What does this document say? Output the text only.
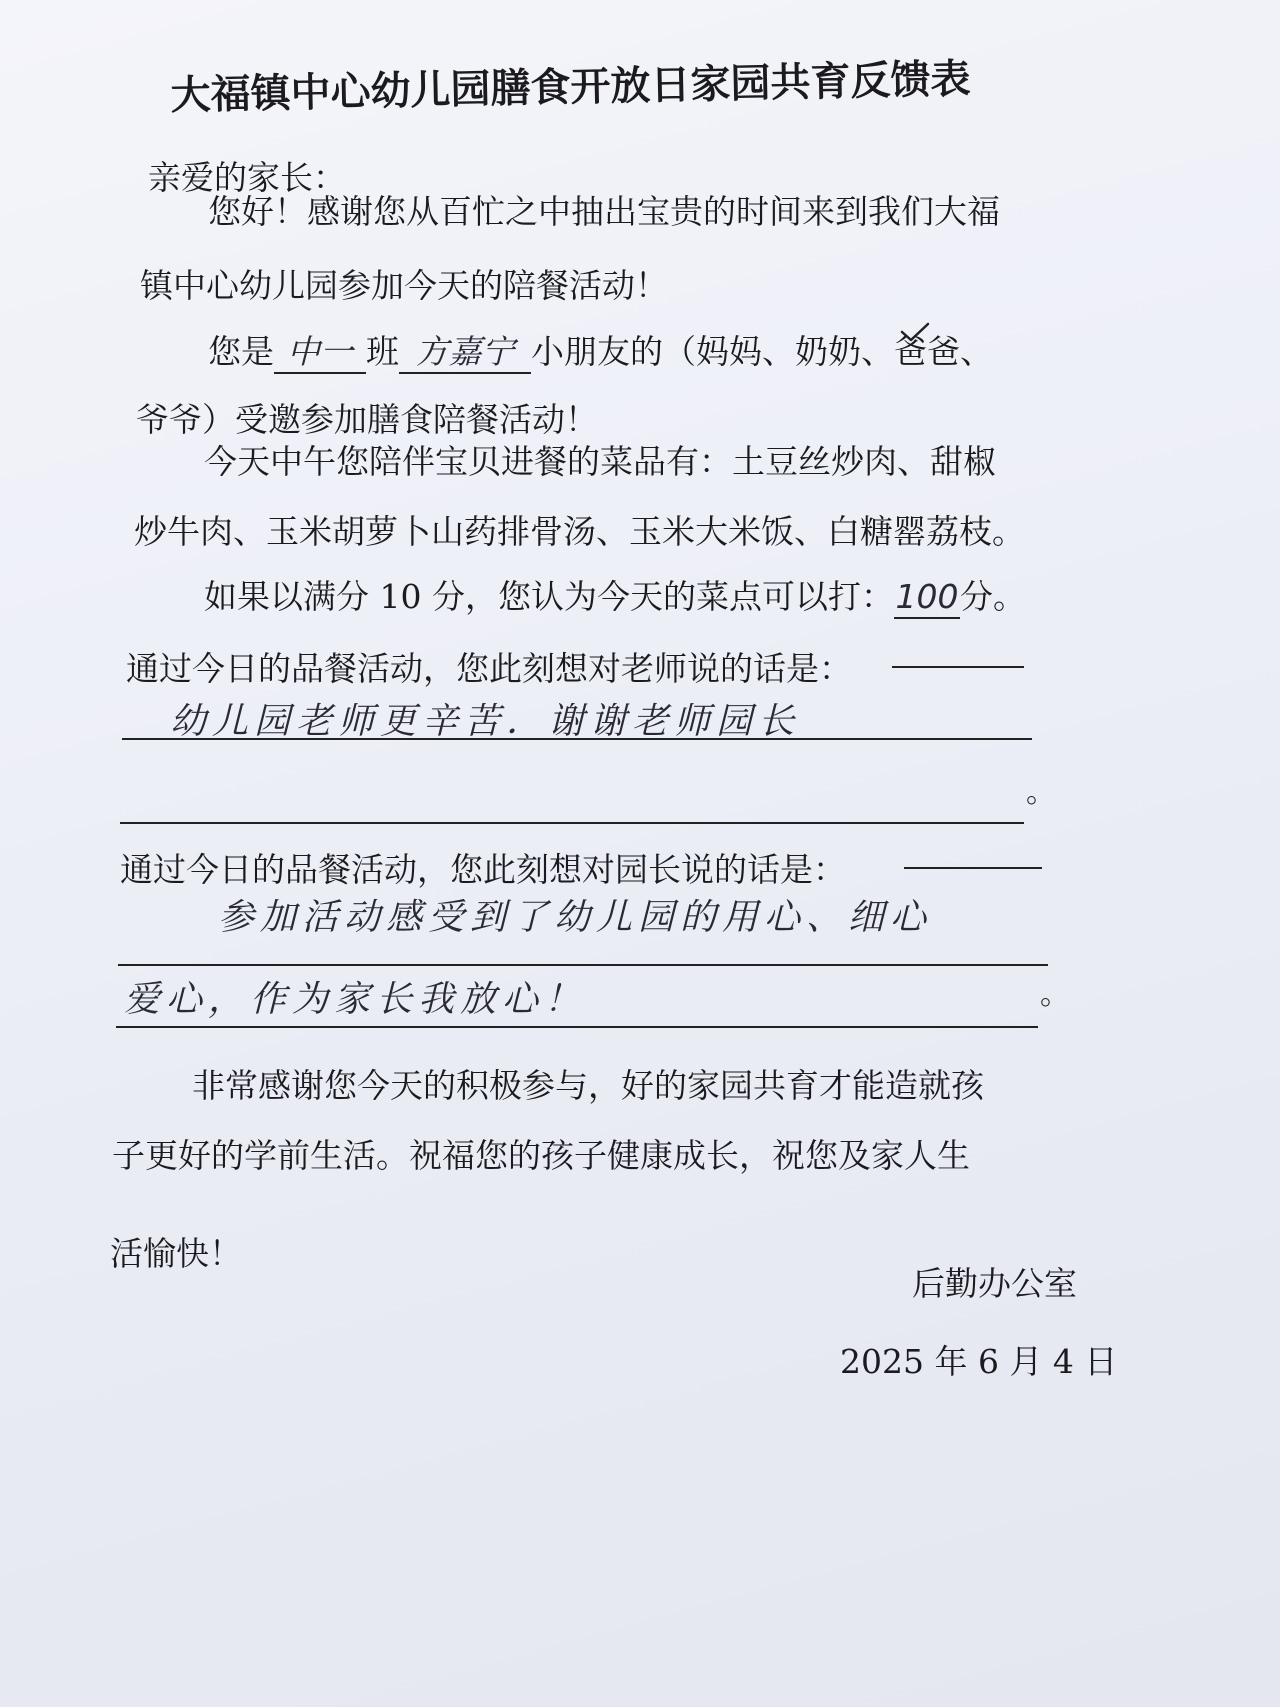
大福镇中心幼儿园膳食开放日家园共育反馈表
亲爱的家长：
您好！感谢您从百忙之中抽出宝贵的时间来到我们大福
镇中心幼儿园参加今天的陪餐活动！
您是 中一 班 方嘉宁 小朋友的（妈妈、奶奶、爸爸、
爷爷）受邀参加膳食陪餐活动！
今天中午您陪伴宝贝进餐的菜品有：土豆丝炒肉、甜椒
炒牛肉、玉米胡萝卜山药排骨汤、玉米大米饭、白糖罂荔枝。
如果以满分 10 分，您认为今天的菜点可以打：100分。
通过今日的品餐活动，您此刻想对老师说的话是：
幼儿园老师更辛苦．谢谢老师园长
。
通过今日的品餐活动，您此刻想对园长说的话是：
参加活动感受到了幼儿园的用心、细心
爱心，作为家长我放心！	。
非常感谢您今天的积极参与，好的家园共育才能造就孩
子更好的学前生活。祝福您的孩子健康成长，祝您及家人生
活愉快！
后勤办公室
2025 年 6 月 4 日
